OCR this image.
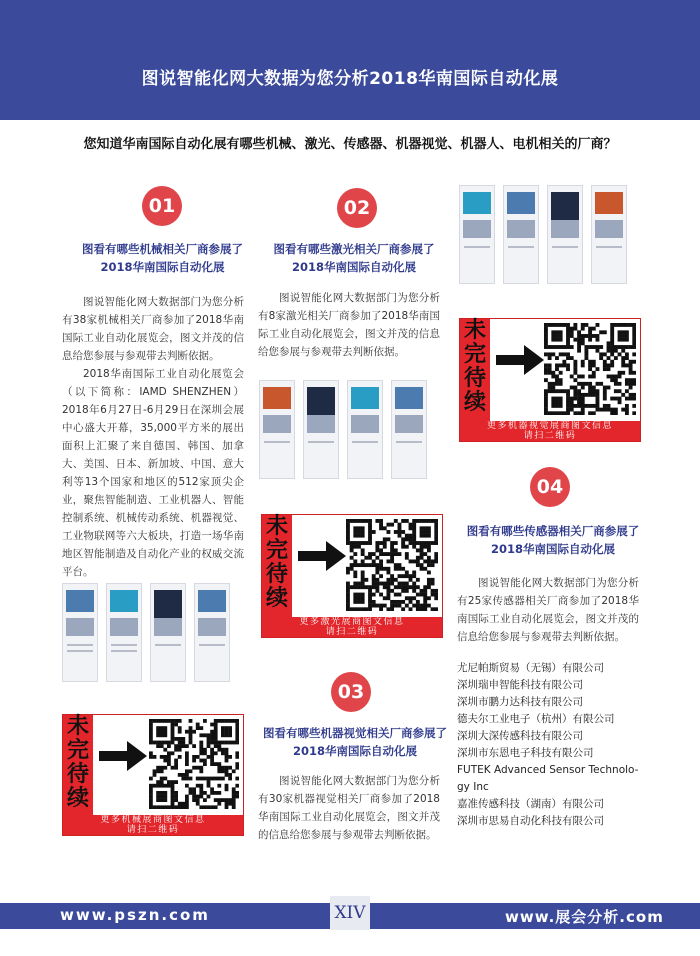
图说智能化网大数据为您分析2018华南国际自动化展
您知道华南国际自动化展有哪些机械、激光、传感器、机器视觉、机器人、电机相关的厂商？
01
图看有哪些机械相关厂商参展了
2018华南国际自动化展

图说智能化网大数据部门为您分析有38家机械相关厂商参加了2018华南国际工业自动化展览会，图文并茂的信息给您参展与参观带去判断依据。

2018华南国际工业自动化展览会（以下简称：IAMD SHENZHEN）2018年6月27日-6月29日在深圳会展中心盛大开幕，35,000平方米的展出面积上汇聚了来自德国、韩国、加拿大、美国、日本、新加坡、中国、意大利等13个国家和地区的512家顶尖企业，聚焦智能制造、工业机器人、智能控制系统、机械传动系统、机器视觉、工业物联网等六大板块，打造一场华南地区智能制造及自动化产业的权威交流平台。

未
完
待
续
更多机械展商图文信息
请扫二维码
02
图看有哪些激光相关厂商参展了
2018华南国际自动化展

图说智能化网大数据部门为您分析有8家激光相关厂商参加了2018华南国际工业自动化展览会，图文并茂的信息给您参展与参观带去判断依据。

未
完
待
续
更多激光展商图文信息
请扫二维码
03
图看有哪些机器视觉相关厂商参展了
2018华南国际自动化展

图说智能化网大数据部门为您分析有30家机器视觉相关厂商参加了2018华南国际工业自动化展览会，图文并茂的信息给您参展与参观带去判断依据。

未
完
待
续
更多机器视觉展商图文信息
请扫二维码
04
图看有哪些传感器相关厂商参展了
2018华南国际自动化展

图说智能化网大数据部门为您分析有25家传感器相关厂商参加了2018华南国际工业自动化展览会，图文并茂的信息给您参展与参观带去判断依据。

尤尼帕斯贸易（无锡）有限公司
深圳瑞申智能科技有限公司
深圳市鹏力达科技有限公司
德夫尔工业电子（杭州）有限公司
深圳大深传感科技有限公司
深圳市东恩电子科技有限公司
FUTEK Advanced Sensor Technolo-
gy Inc
嘉准传感科技（湖南）有限公司
深圳市思易自动化科技有限公司
www.pszn.com	www.展会分析.com
XIV
